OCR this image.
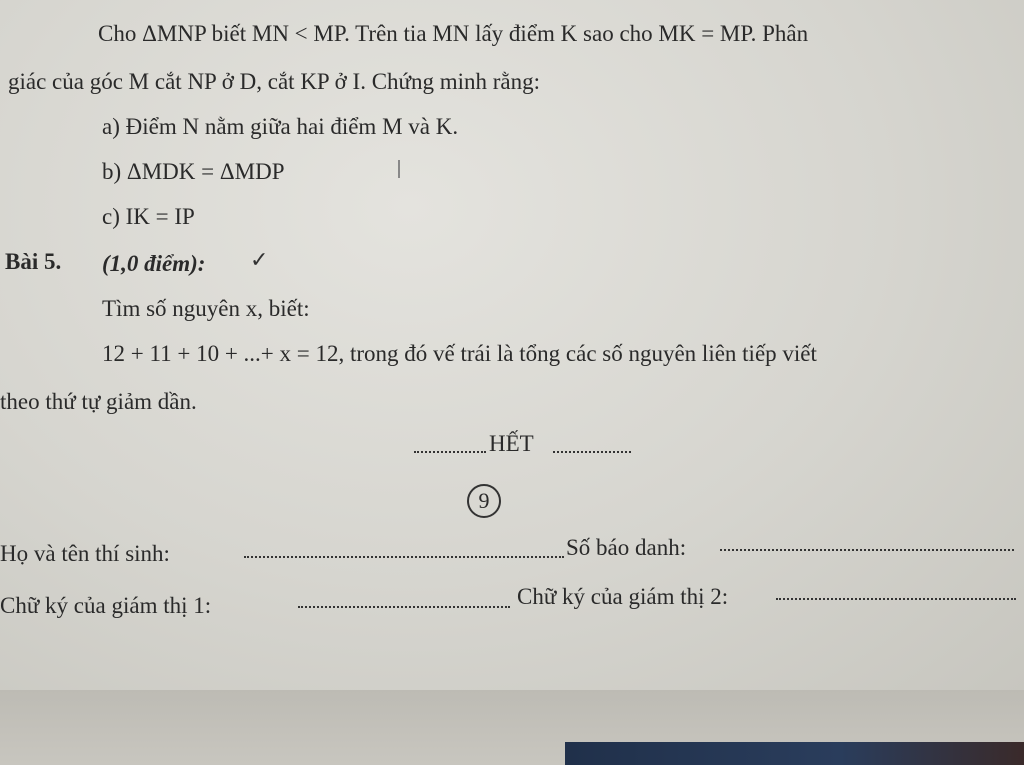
Cho ΔMNP biết MN < MP. Trên tia MN lấy điểm K sao cho MK = MP. Phân
giác của góc M cắt NP ở D, cắt KP ở I. Chứng minh rằng:
a) Điểm N nằm giữa hai điểm M và K.
b) ΔMDK = ΔMDP
c) IK = IP
Bài 5. (1,0 điểm): ✓
Tìm số nguyên x, biết:
12 + 11 + 10 + ...+ x = 12, trong đó vế trái là tổng các số nguyên liên tiếp viết
theo thứ tự giảm dần.
HẾT
9
Họ và tên thí sinh:	Số báo danh:
Chữ ký của giám thị 1:	Chữ ký của giám thị 2:
